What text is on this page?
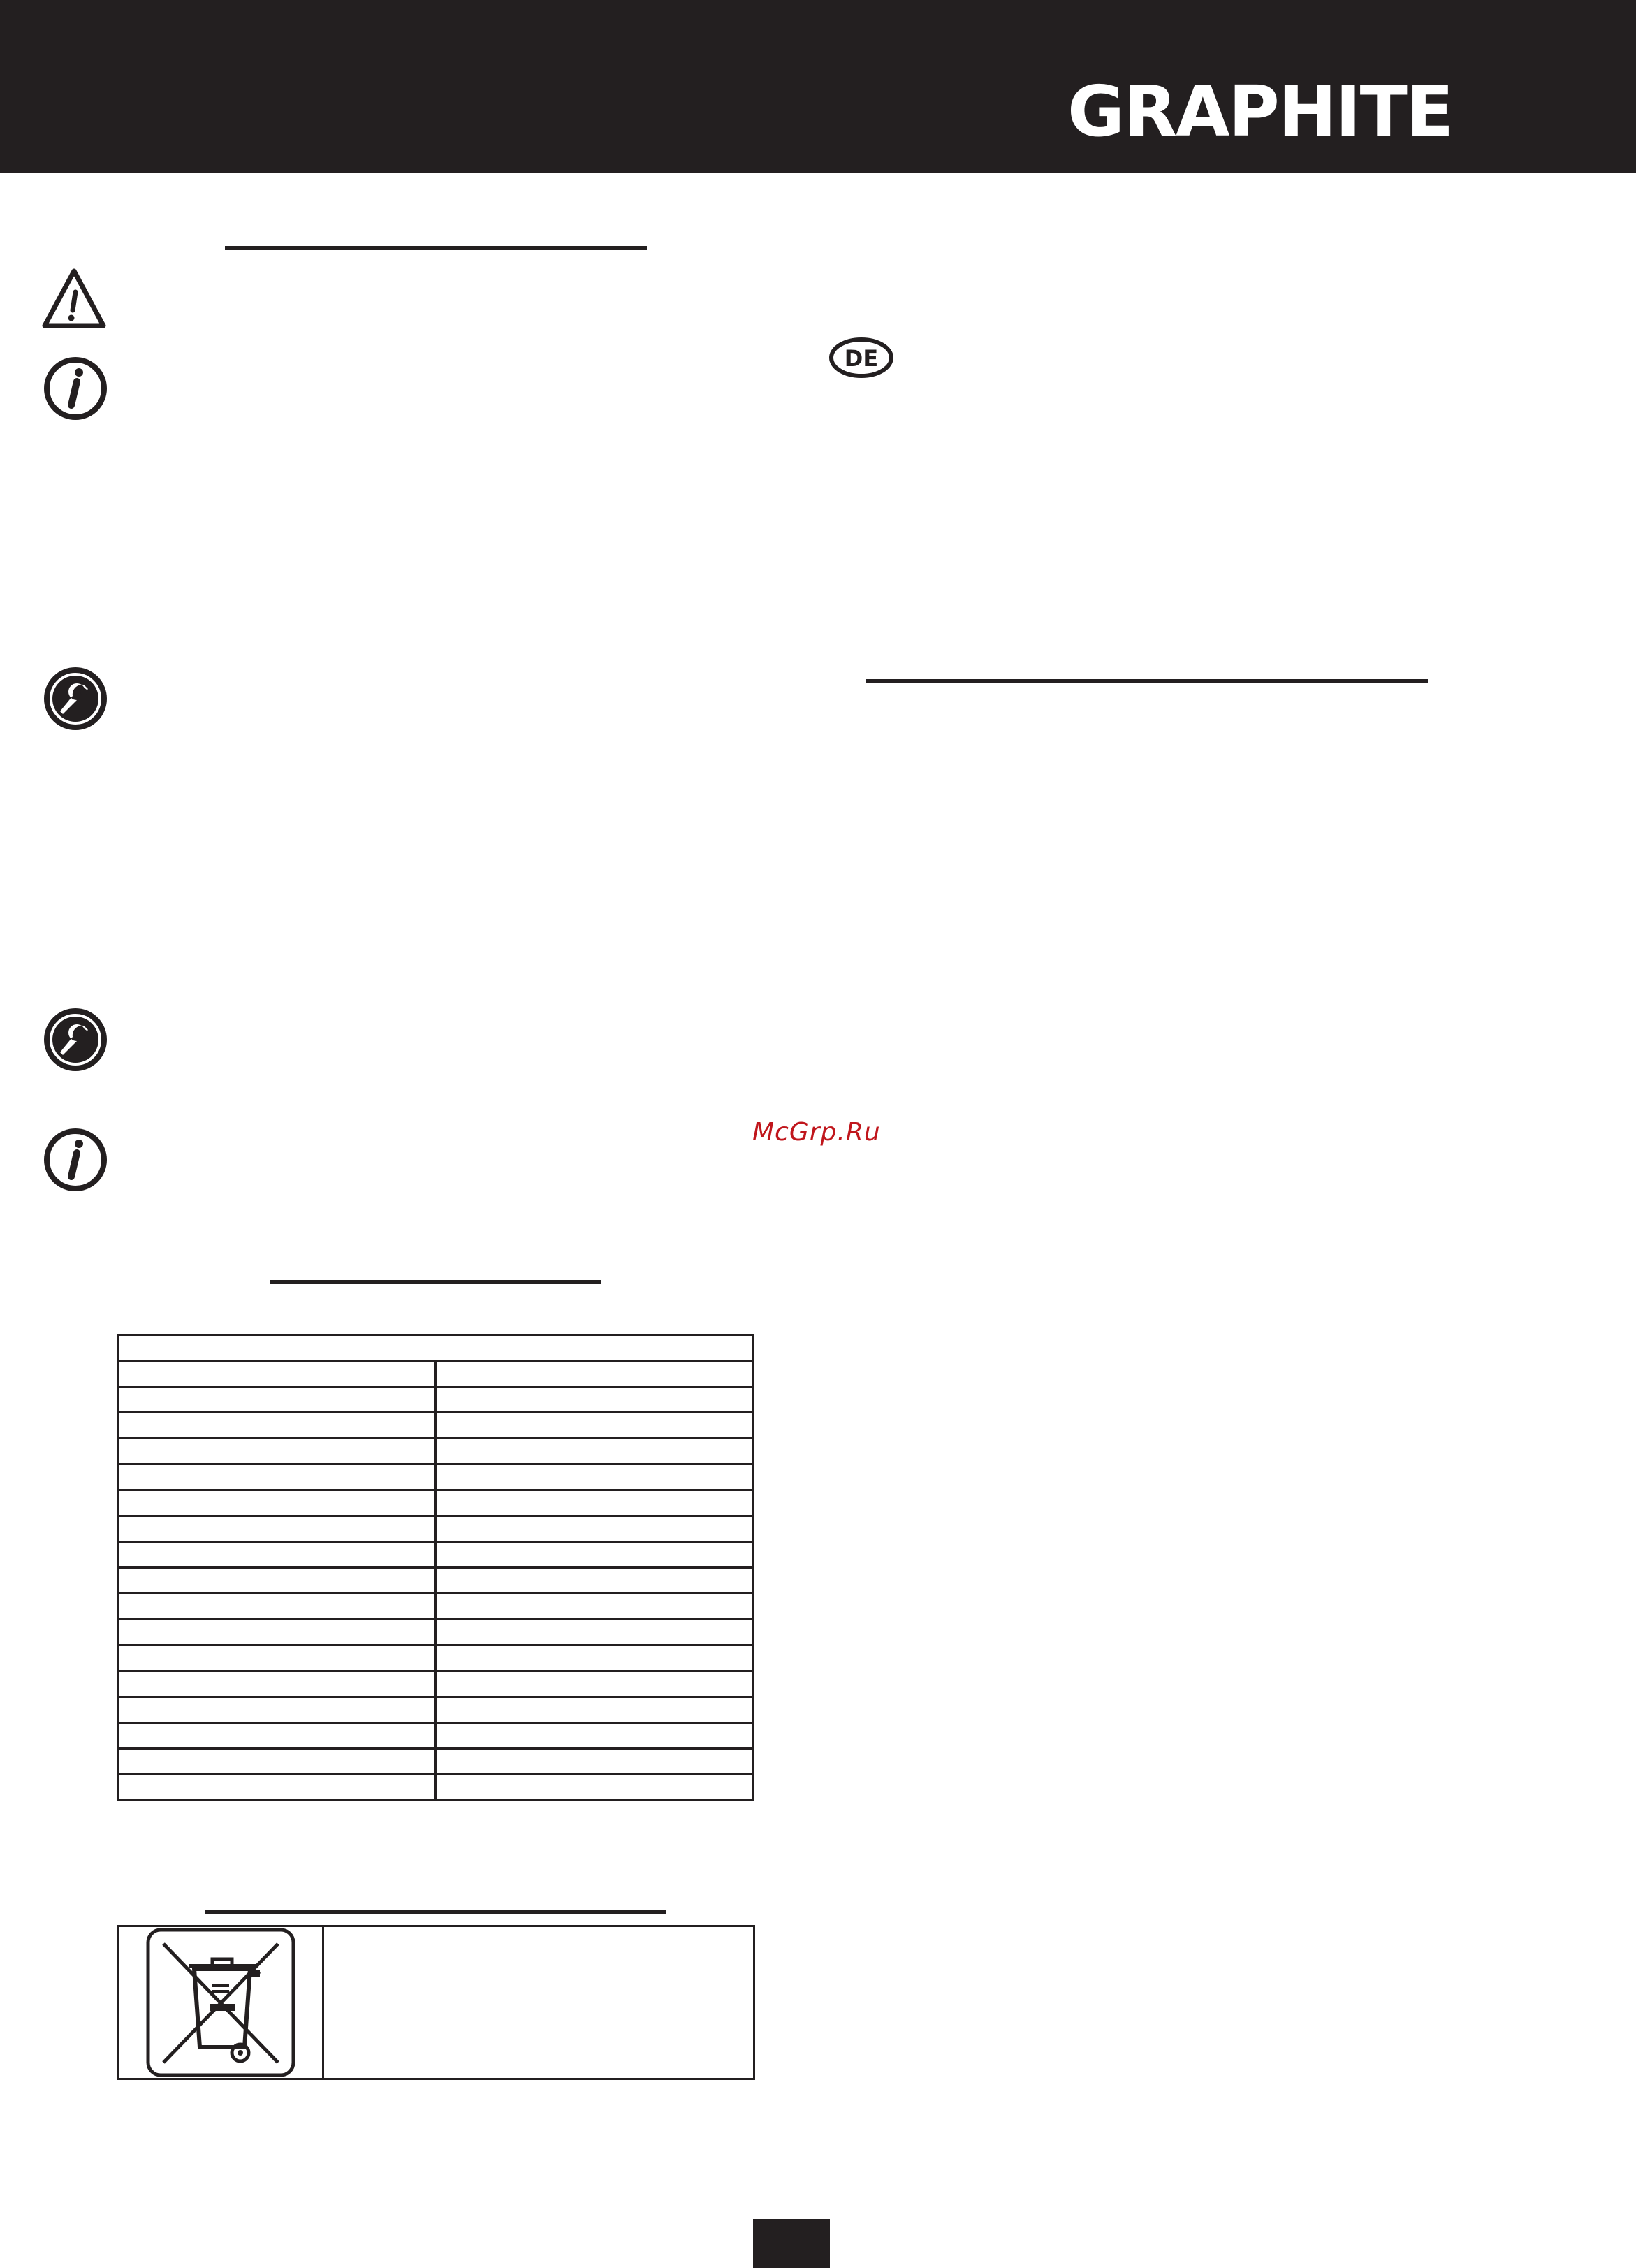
GRAPHITE
DE
McGrp.Ru
